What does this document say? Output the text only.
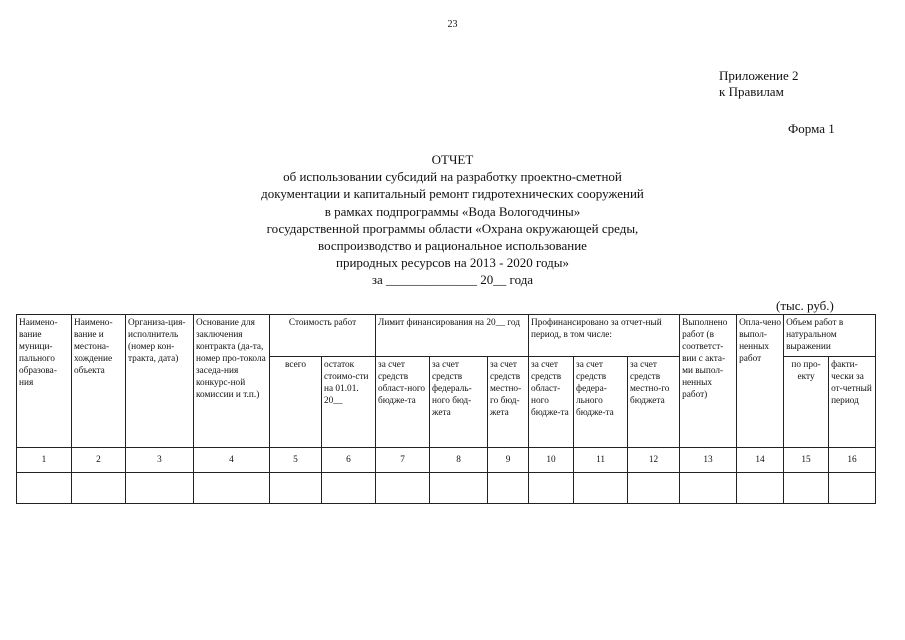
23
Приложение 2
к Правилам
Форма 1
ОТЧЕТ
об использовании субсидий на разработку проектно-сметной
документации и капитальный ремонт гидротехнических сооружений
в рамках подпрограммы «Вода Вологодчины»
государственной программы области «Охрана окружающей среды,
воспроизводство и рациональное использование
природных ресурсов на 2013 - 2020 годы»
за ______________ 20__ года
(тыс. руб.)
Наимено-вание муници-пального образова-ния	Наимено-вание и местона-хождение объекта	Организа-ция-исполнитель (номер кон-тракта, дата)	Основание для заключения контракта (да-та, номер про-токола заседа-ния конкурс-ной комиссии и т.п.)	Стоимость работ		Лимит финансирования на 20__ год			Профинансировано за отчет-ный период, в том числе:			Выполнено работ (в соответст-вии с акта-ми выпол-ненных работ)	Опла-чено выпол-ненных работ	Объем работ в натуральном выражении	
				всего	остаток стоимо-сти на 01.01. 20__	за счет средств област-ного бюдже-та	за счет средств федераль-ного бюд-жета	за счет средств местно-го бюд-жета	за счет средств област-ного бюдже-та	за счет средств федера-льного бюдже-та	за счет средств местно-го бюджета			по про-екту	факти-чески за от-четный период
1	2	3	4	5	6	7	8	9	10	11	12	13	14	15	16
